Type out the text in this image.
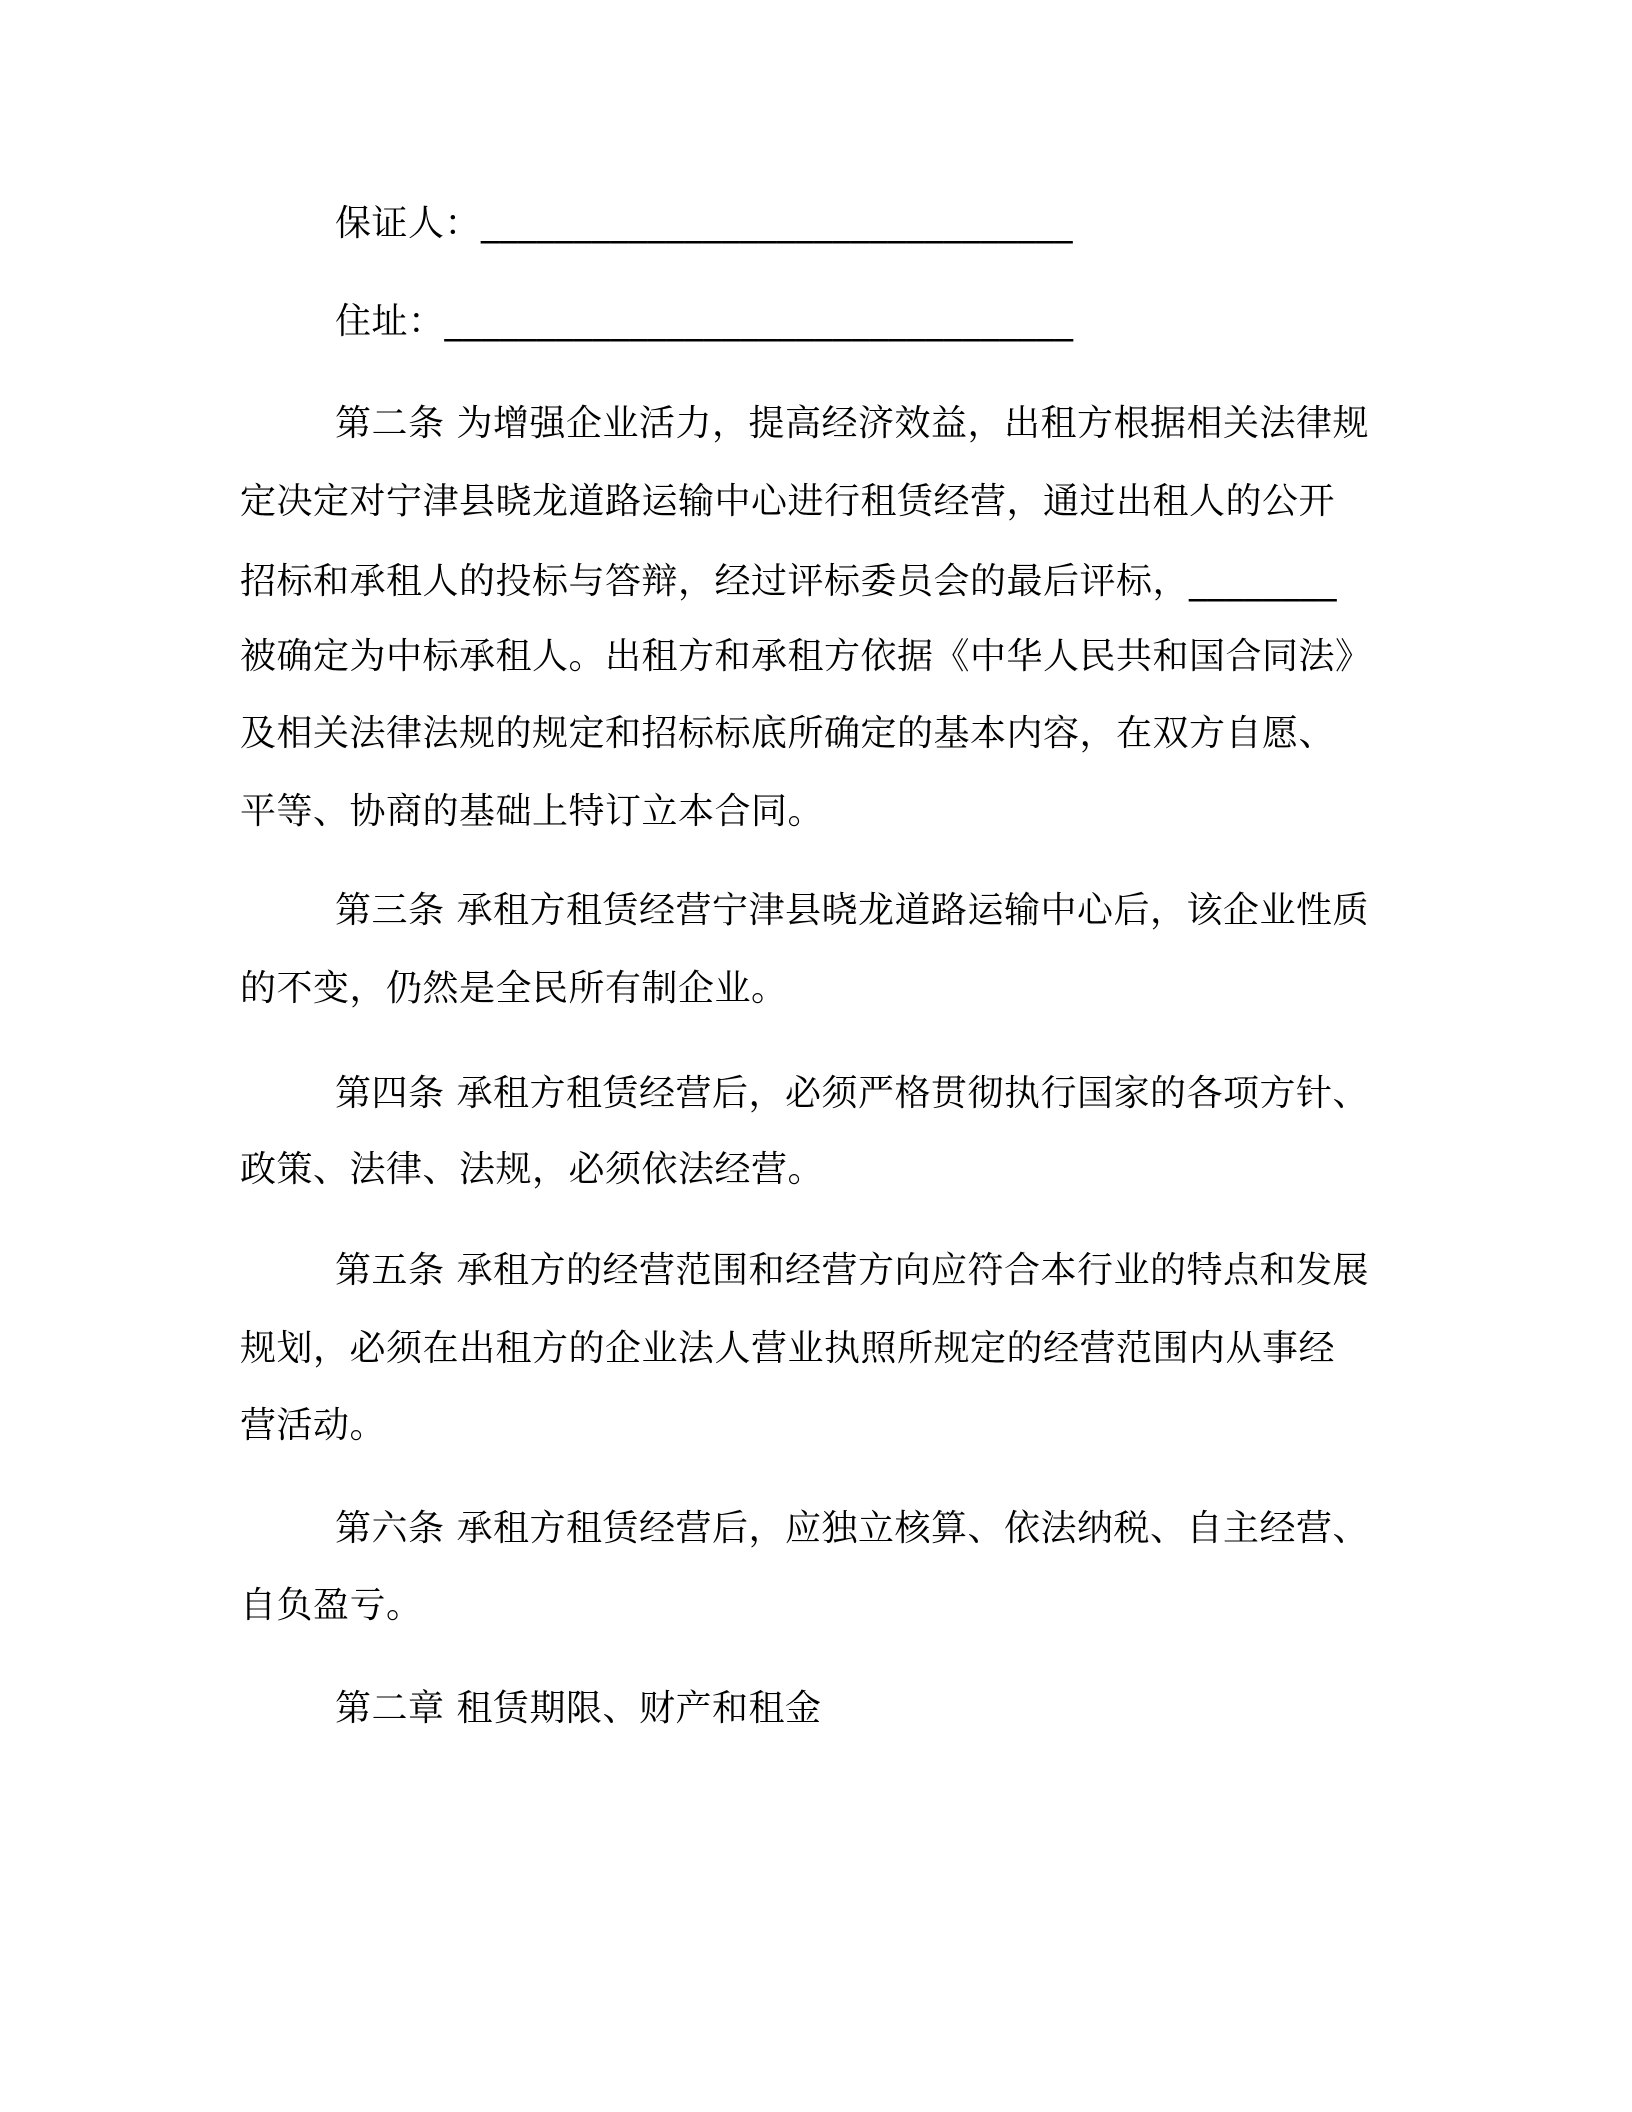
保证人：________________________________
住址：__________________________________
第二条 为增强企业活力，提高经济效益，出租方根据相关法律规
定决定对宁津县晓龙道路运输中心进行租赁经营，通过出租人的公开
招标和承租人的投标与答辩，经过评标委员会的最后评标，________
被确定为中标承租人。出租方和承租方依据《中华人民共和国合同法》
及相关法律法规的规定和招标标底所确定的基本内容，在双方自愿、
平等、协商的基础上特订立本合同。
第三条 承租方租赁经营宁津县晓龙道路运输中心后，该企业性质
的不变，仍然是全民所有制企业。
第四条 承租方租赁经营后，必须严格贯彻执行国家的各项方针、
政策、法律、法规，必须依法经营。
第五条 承租方的经营范围和经营方向应符合本行业的特点和发展
规划，必须在出租方的企业法人营业执照所规定的经营范围内从事经
营活动。
第六条 承租方租赁经营后，应独立核算、依法纳税、自主经营、
自负盈亏。
第二章 租赁期限、财产和租金
